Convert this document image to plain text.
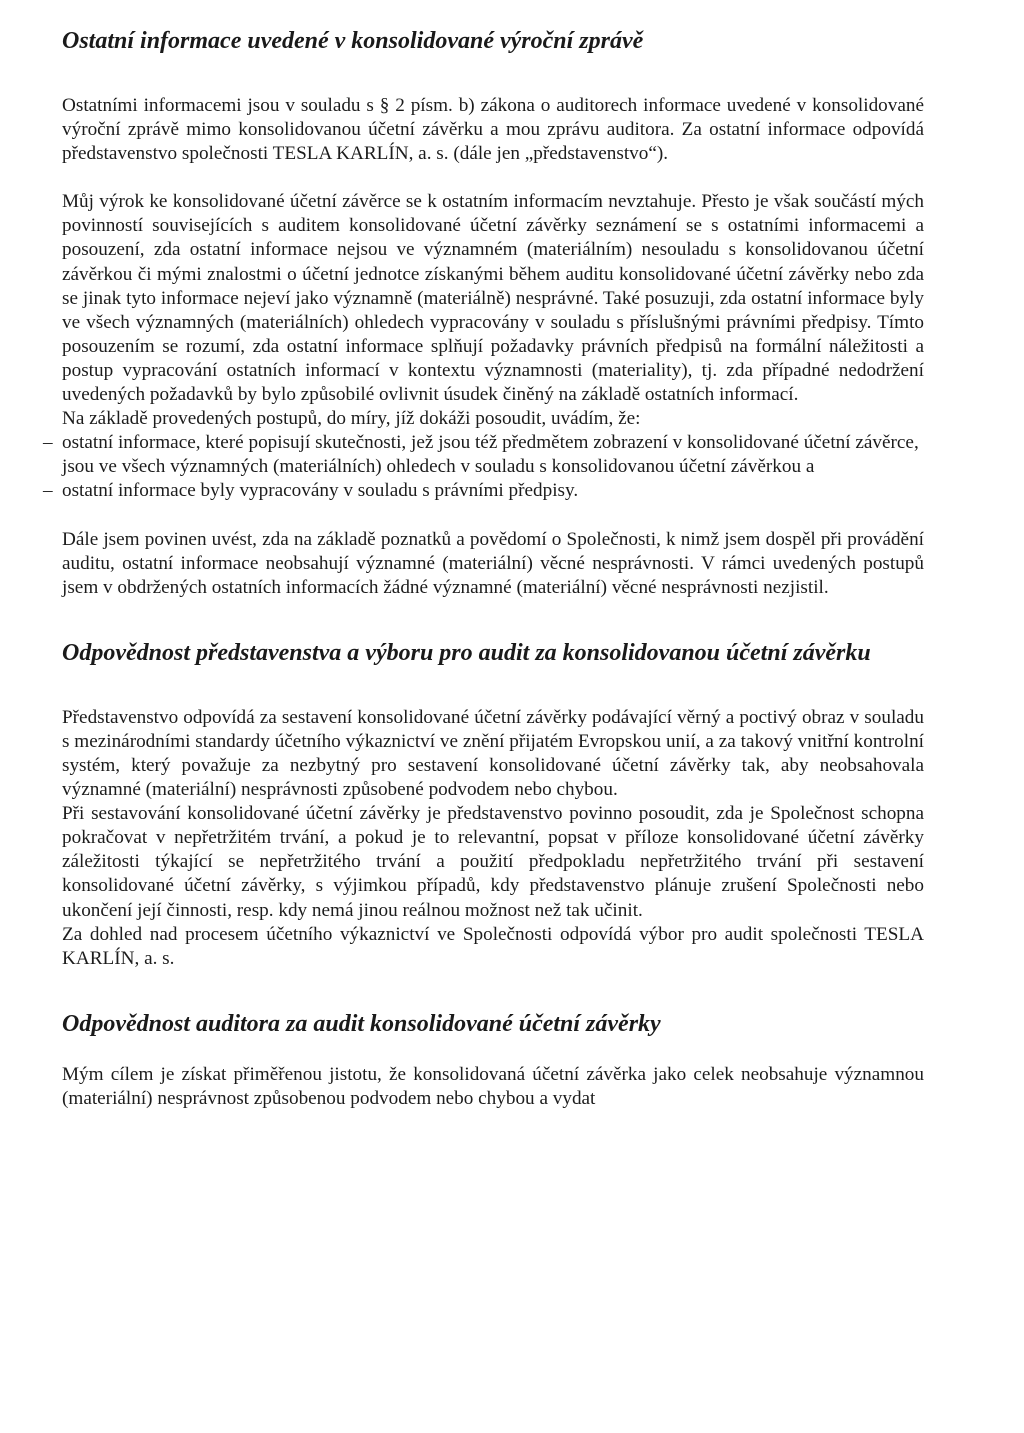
Ostatní informace uvedené v konsolidované výroční zprávě

Ostatními informacemi jsou v souladu s § 2 písm. b) zákona o auditorech informace uvedené v konsolidované výroční zprávě mimo konsolidovanou účetní závěrku a mou zprávu auditora. Za ostatní informace odpovídá představenstvo společnosti TESLA KARLÍN, a. s. (dále jen „představenstvo“).

Můj výrok ke konsolidované účetní závěrce se k ostatním informacím nevztahuje. Přesto je však součástí mých povinností souvisejících s auditem konsolidované účetní závěrky seznámení se s ostatními informacemi a posouzení, zda ostatní informace nejsou ve významném (materiálním) nesouladu s konsolidovanou účetní závěrkou či mými znalostmi o účetní jednotce získanými během auditu konsolidované účetní závěrky nebo zda se jinak tyto informace nejeví jako významně (materiálně) nesprávné. Také posuzuji, zda ostatní informace byly ve všech významných (materiálních) ohledech vypracovány v souladu s příslušnými právními předpisy. Tímto posouzením se rozumí, zda ostatní informace splňují požadavky právních předpisů na formální náležitosti a postup vypracování ostatních informací v kontextu významnosti (materiality), tj. zda případné nedodržení uvedených požadavků by bylo způsobilé ovlivnit úsudek činěný na základě ostatních informací.

Na základě provedených postupů, do míry, jíž dokáži posoudit, uvádím, že:

– ostatní informace, které popisují skutečnosti, jež jsou též předmětem zobrazení v konsolidované účetní závěrce, jsou ve všech významných (materiálních) ohledech v souladu s konsolidovanou účetní závěrkou a
– ostatní informace byly vypracovány v souladu s právními předpisy.

Dále jsem povinen uvést, zda na základě poznatků a povědomí o Společnosti, k nimž jsem dospěl při provádění auditu, ostatní informace neobsahují významné (materiální) věcné nesprávnosti. V rámci uvedených postupů jsem v obdržených ostatních informacích žádné významné (materiální) věcné nesprávnosti nezjistil.

Odpovědnost představenstva a výboru pro audit za konsolidovanou účetní závěrku

Představenstvo odpovídá za sestavení konsolidované účetní závěrky podávající věrný a poctivý obraz v souladu s mezinárodními standardy účetního výkaznictví ve znění přijatém Evropskou unií, a za takový vnitřní kontrolní systém, který považuje za nezbytný pro sestavení konsolidované účetní závěrky tak, aby neobsahovala významné (materiální) nesprávnosti způsobené podvodem nebo chybou.

Při sestavování konsolidované účetní závěrky je představenstvo povinno posoudit, zda je Společnost schopna pokračovat v nepřetržitém trvání, a pokud je to relevantní, popsat v příloze konsolidované účetní závěrky záležitosti týkající se nepřetržitého trvání a použití předpokladu nepřetržitého trvání při sestavení konsolidované účetní závěrky, s výjimkou případů, kdy představenstvo plánuje zrušení Společnosti nebo ukončení její činnosti, resp. kdy nemá jinou reálnou možnost než tak učinit.

Za dohled nad procesem účetního výkaznictví ve Společnosti odpovídá výbor pro audit společnosti TESLA KARLÍN, a. s.

Odpovědnost auditora za audit konsolidované účetní závěrky

Mým cílem je získat přiměřenou jistotu, že konsolidovaná účetní závěrka jako celek neobsahuje významnou (materiální) nesprávnost způsobenou podvodem nebo chybou a vydat
